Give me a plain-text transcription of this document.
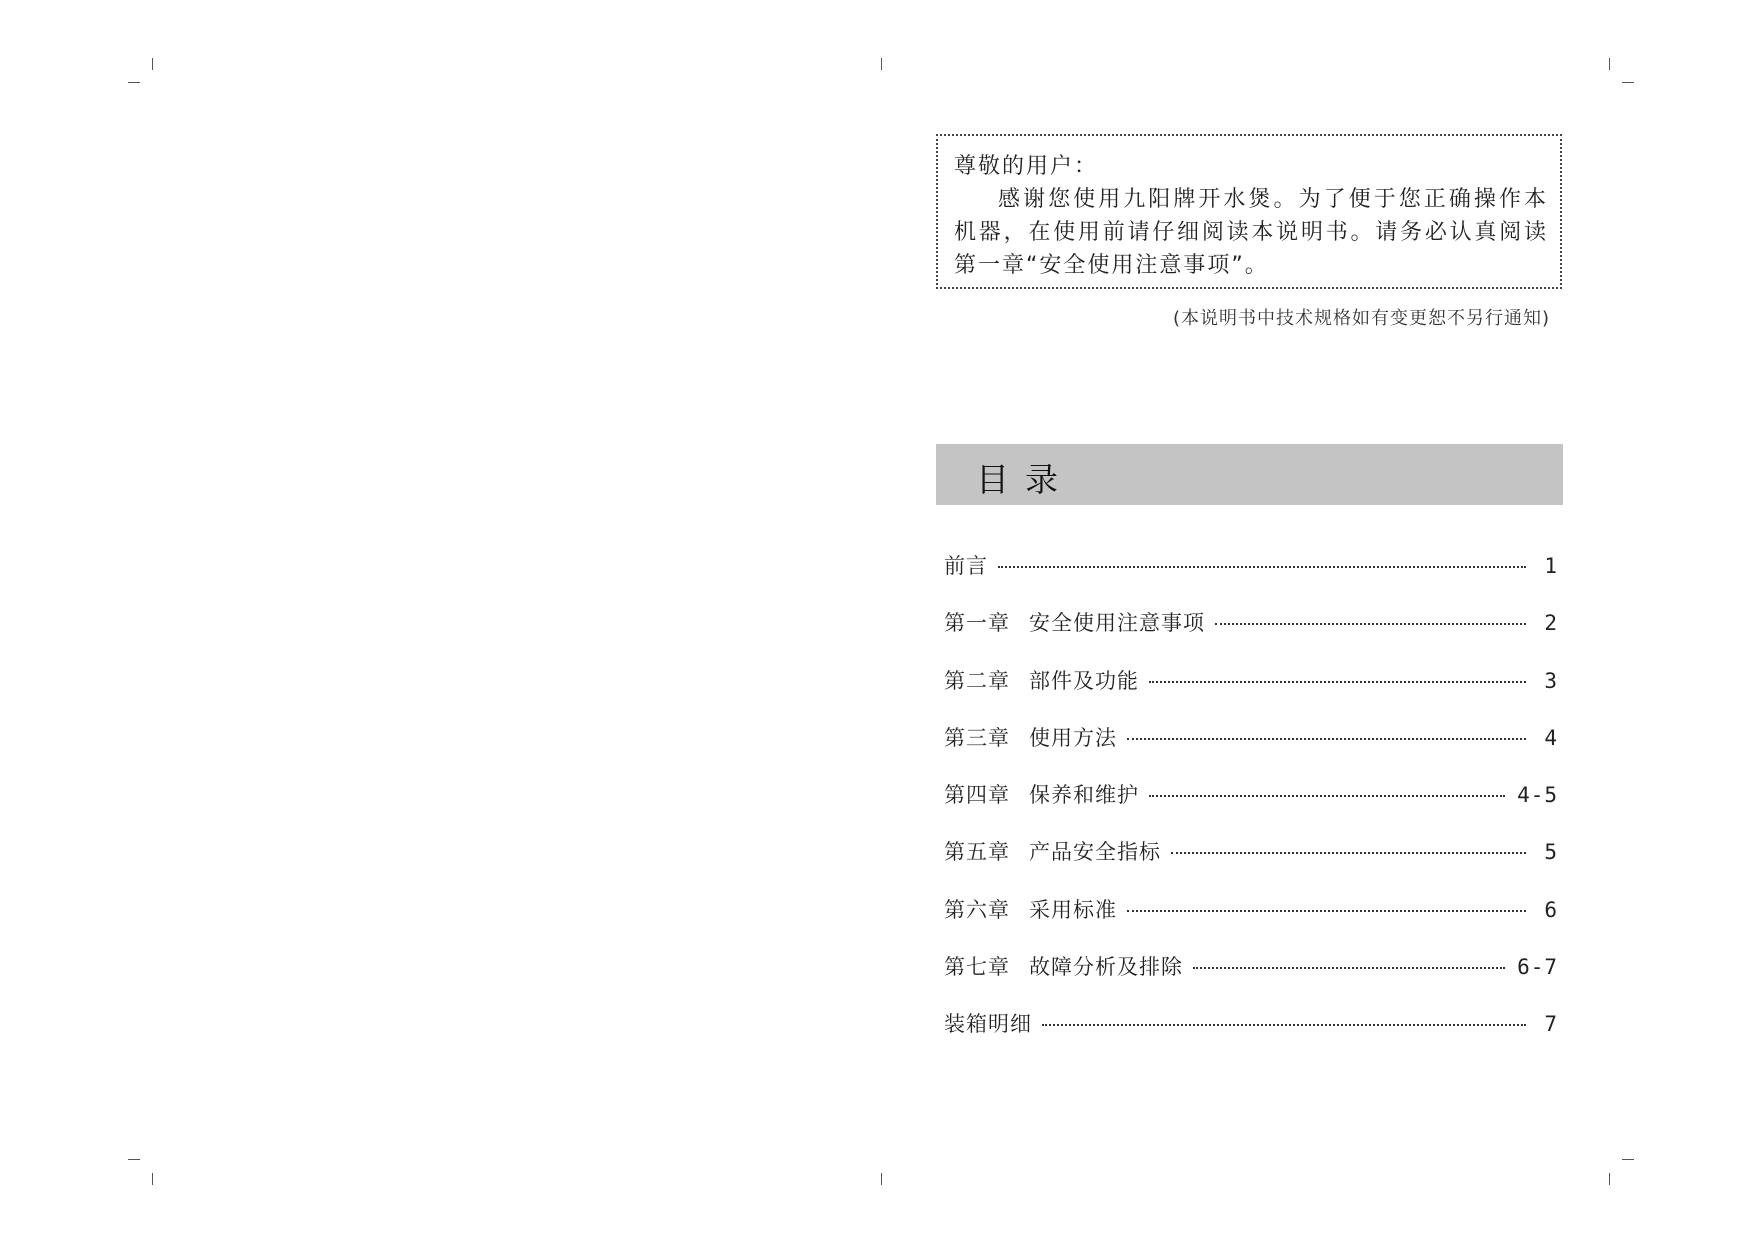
尊敬的用户：

感谢您使用九阳牌开水煲。为了便于您正确操作本机器，在使用前请仔细阅读本说明书。请务必认真阅读第一章“安全使用注意事项”。

(本说明书中技术规格如有变更恕不另行通知)
目录
前言	1
第一章 安全使用注意事项	2
第二章 部件及功能	3
第三章 使用方法	4
第四章 保养和维护	4-5
第五章 产品安全指标	5
第六章 采用标准	6
第七章 故障分析及排除	6-7
装箱明细	7
